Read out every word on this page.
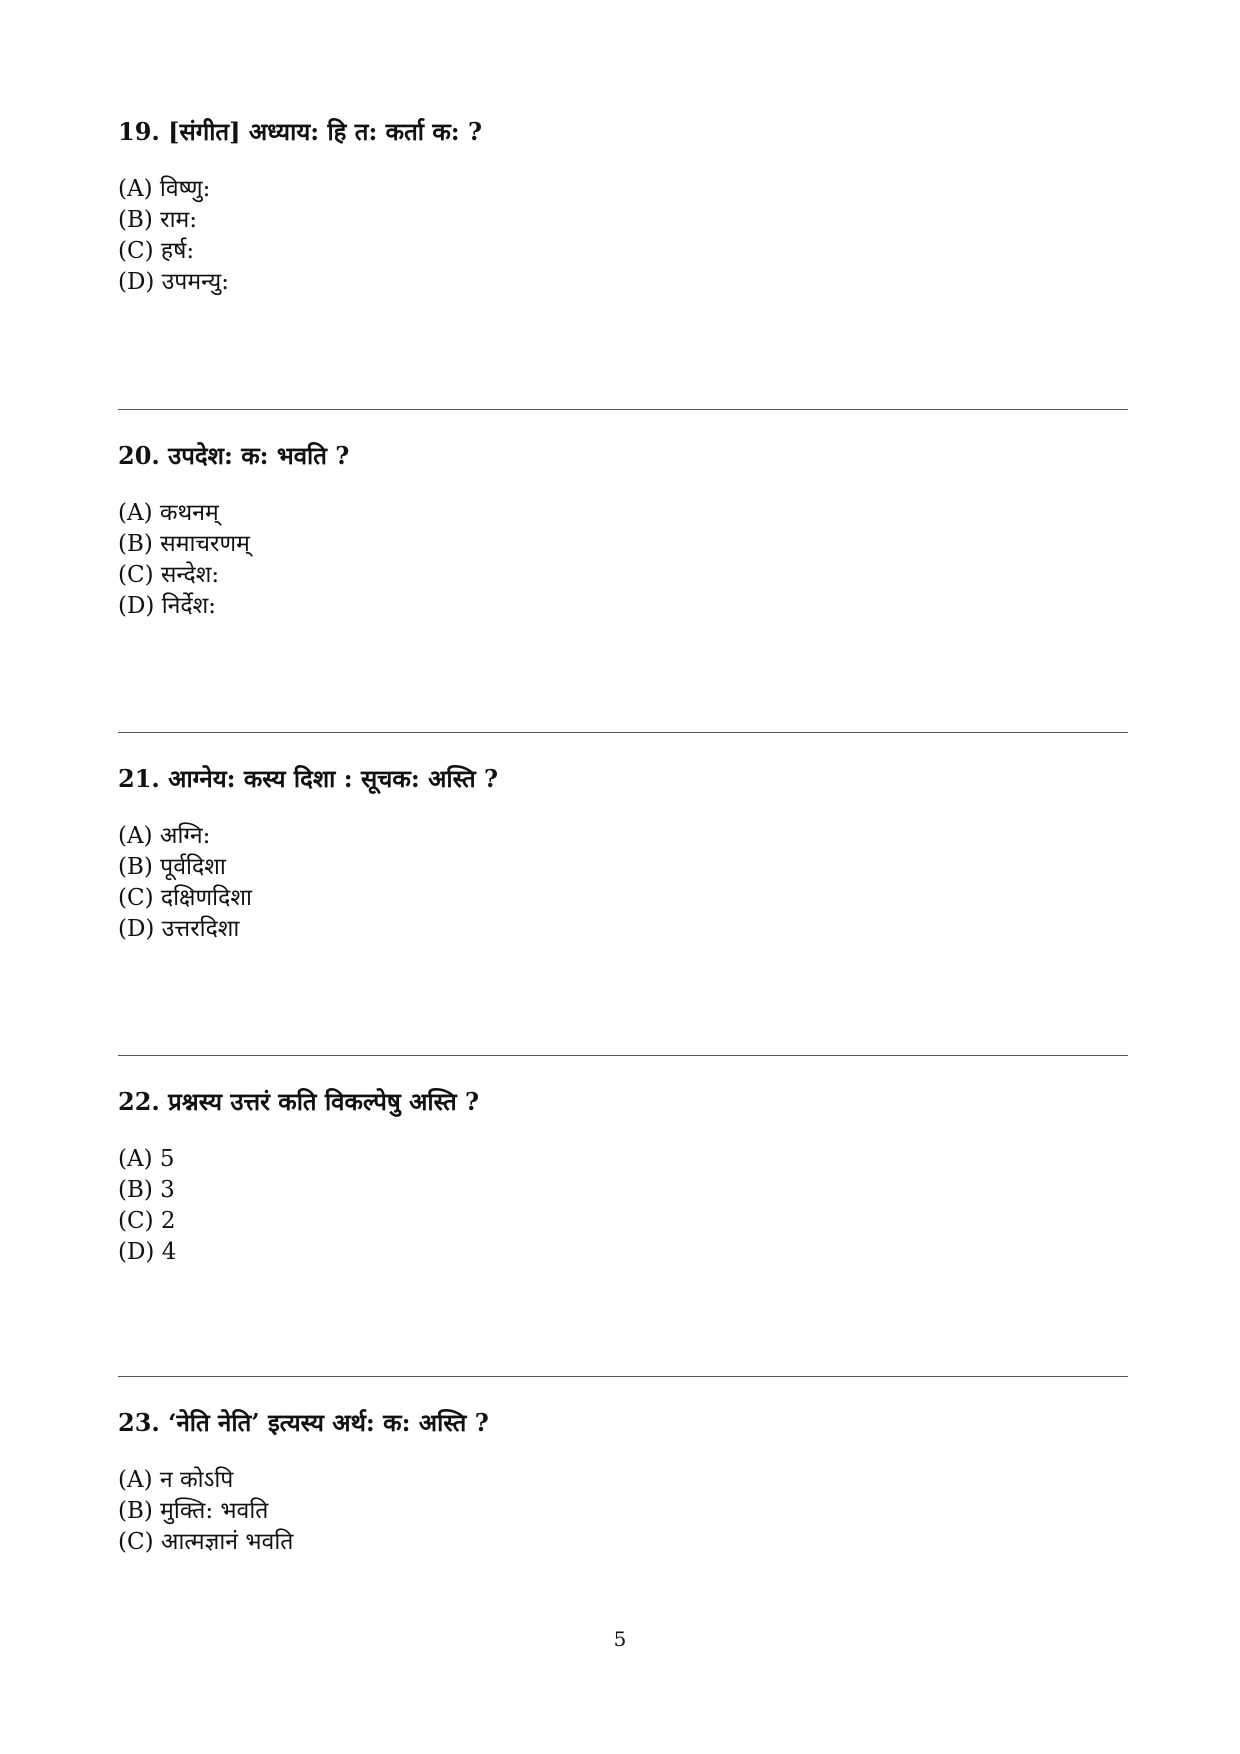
19. [संगीत] अध्याय: हि त: कर्ता क: ?

(A) विष्णु:

(B) राम:

(C) हर्ष:

(D) उपमन्यु:

20. उपदेश: क: भवति ?

(A) कथनम्

(B) समाचरणम्

(C) सन्देश:

(D) निर्देश:

21. आग्नेय: कस्य दिशा : सूचक: अस्ति ?

(A) अग्नि:

(B) पूर्वदिशा

(C) दक्षिणदिशा

(D) उत्तरदिशा

22. प्रश्नस्य उत्तरं कति विकल्पेषु अस्ति ?

(A) 5

(B) 3

(C) 2

(D) 4

23. ‘नेति नेति’ इत्यस्य अर्थ: क: अस्ति ?

(A) न कोऽपि

(B) मुक्ति: भवति

(C) आत्मज्ञानं भवति

5
